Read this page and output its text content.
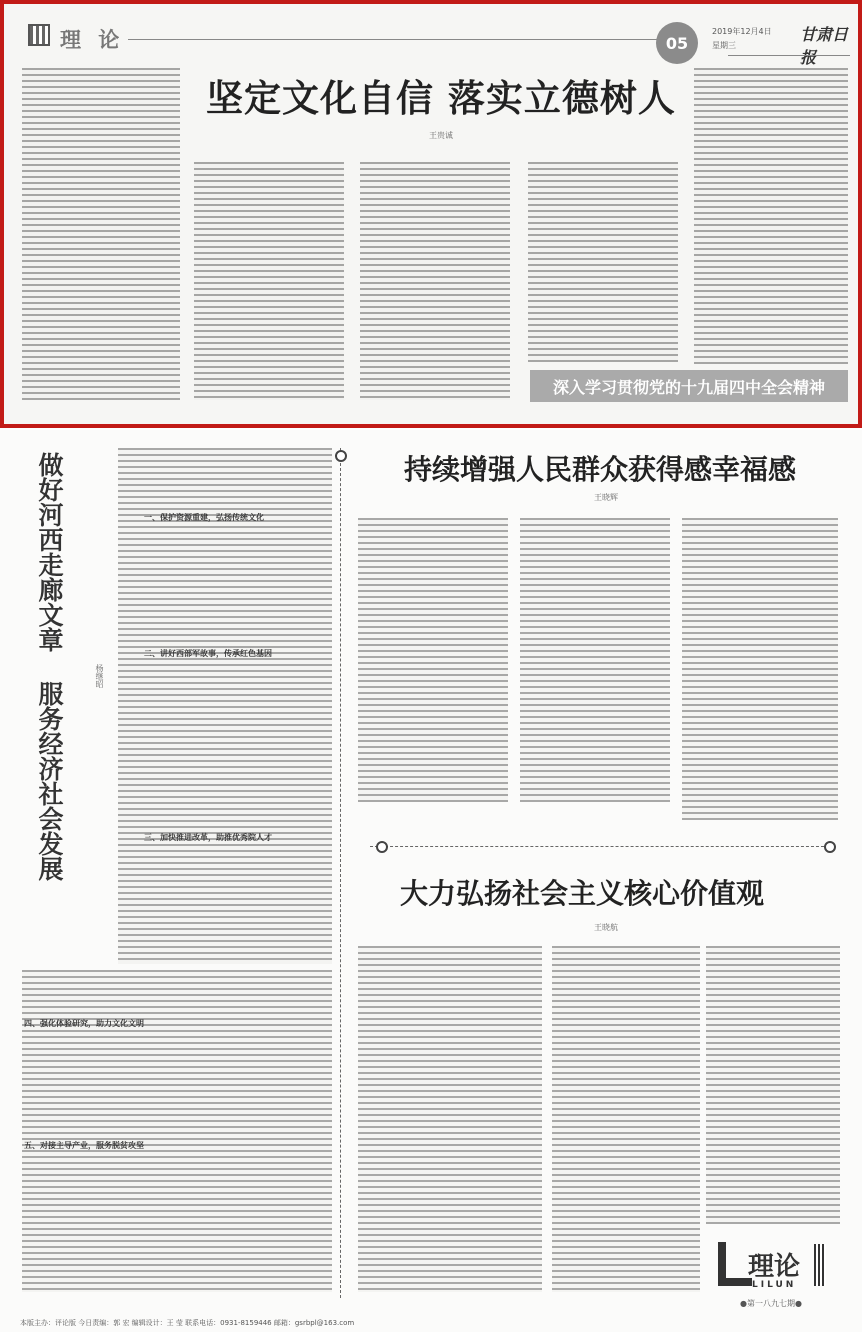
理 论	05
2019年12月4日
星期三
甘肃日报
坚定文化自信 落实立德树人
王贵诚
深入学习贯彻党的十九届四中全会精神
做好河西走廊文章 服务经济社会发展	杨继昭
一、保护资源重建，弘扬传统文化
二、讲好西部军故事，传承红色基因
三、加快推进改革，助推优秀院人才
四、强化体验研究，助力文化文明
五、对接主导产业，服务脱贫攻坚
持续增强人民群众获得感幸福感
王晓辉
大力弘扬社会主义核心价值观
王晓航
理论
LILUN
●第一八九七期●
本版主办：评论版 今日责编：郭 宏 编辑设计：王 莹 联系电话：0931-8159446 邮箱：gsrbpl@163.com
